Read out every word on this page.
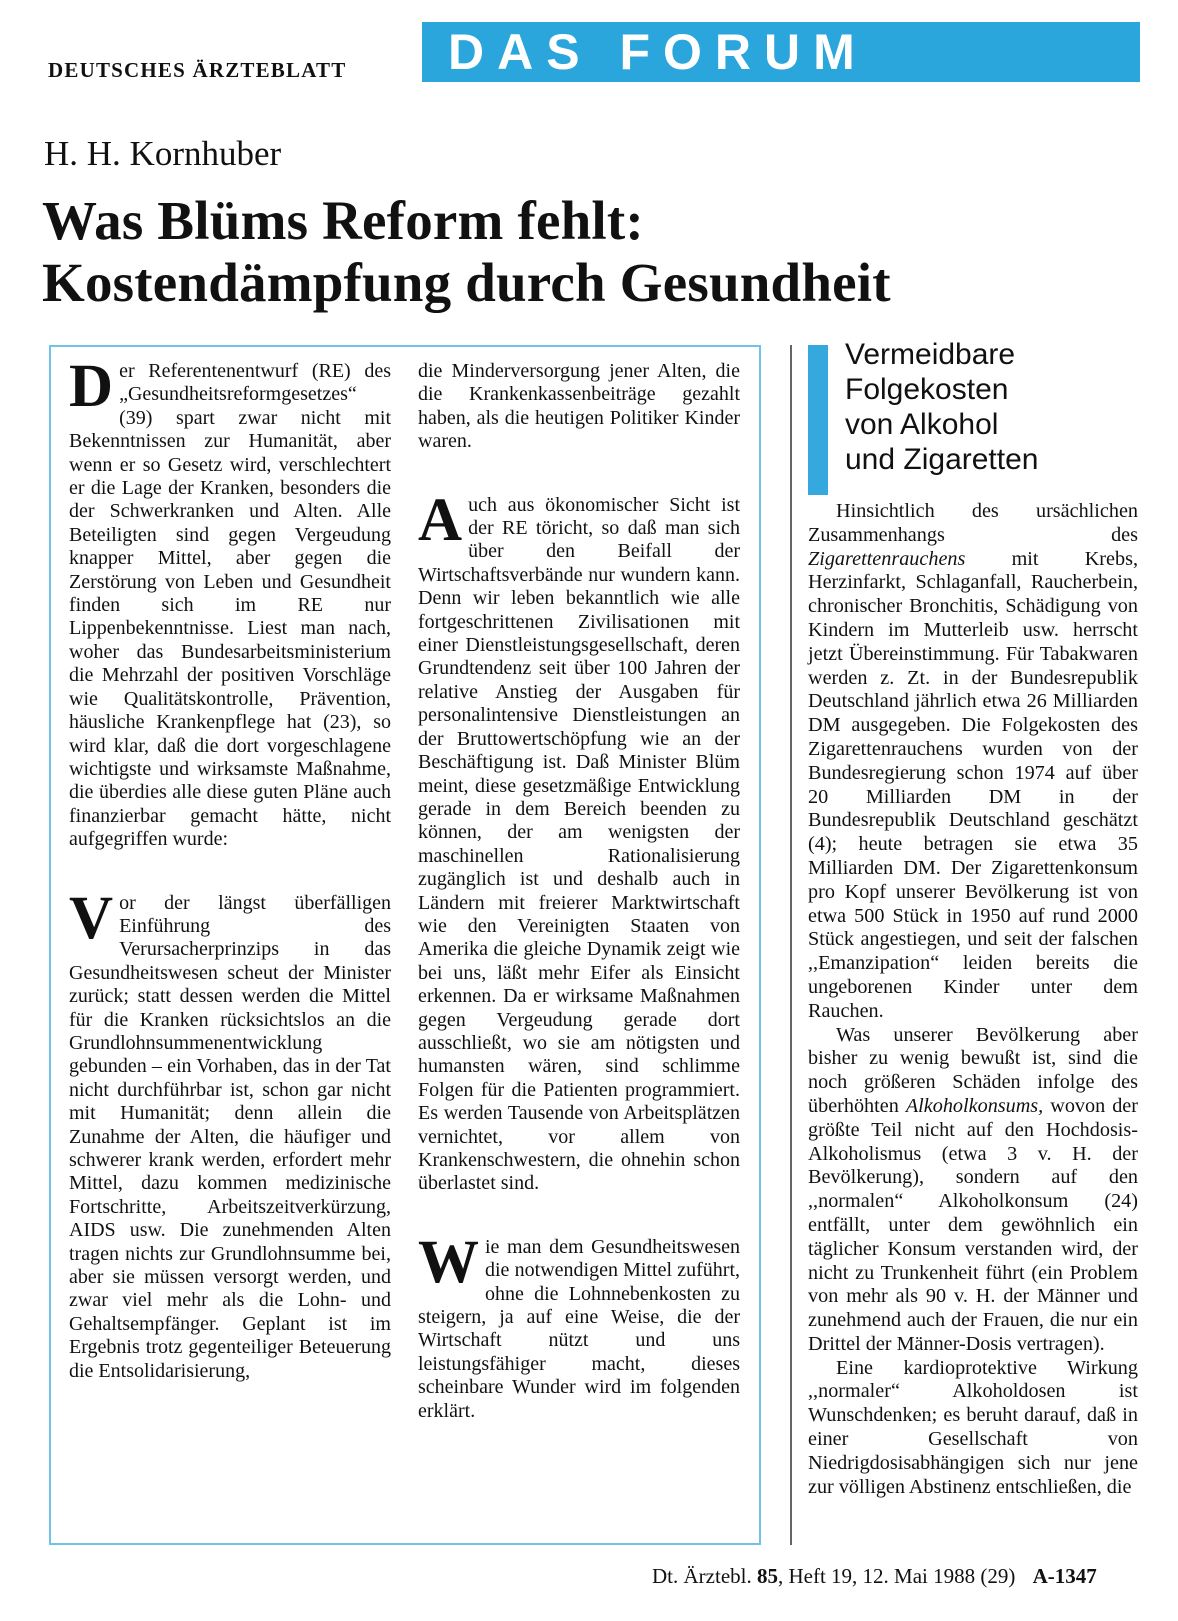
DEUTSCHES ÄRZTEBLATT DAS FORUM
H. H. Kornhuber
Was Blüms Reform fehlt:
Kostendämpfung durch Gesundheit

Der Referentenentwurf (RE) des „Gesundheitsreformgesetzes“ (39) spart zwar nicht mit Bekenntnissen zur Humanität, aber wenn er so Gesetz wird, verschlechtert er die Lage der Kranken, besonders die der Schwerkranken und Alten. Alle Beteiligten sind gegen Vergeudung knapper Mittel, aber gegen die Zerstörung von Leben und Gesundheit finden sich im RE nur Lippenbekenntnisse. Liest man nach, woher das Bundesarbeitsministerium die Mehrzahl der positiven Vorschläge wie Qualitätskontrolle, Prävention, häusliche Krankenpflege hat (23), so wird klar, daß die dort vorgeschlagene wichtigste und wirksamste Maßnahme, die überdies alle diese guten Pläne auch finanzierbar gemacht hätte, nicht aufgegriffen wurde:

Vor der längst überfälligen Einführung des Verursacherprinzips in das Gesundheitswesen scheut der Minister zurück; statt dessen werden die Mittel für die Kranken rücksichtslos an die Grundlohnsummenentwicklung gebunden – ein Vorhaben, das in der Tat nicht durchführbar ist, schon gar nicht mit Humanität; denn allein die Zunahme der Alten, die häufiger und schwerer krank werden, erfordert mehr Mittel, dazu kommen medizinische Fortschritte, Arbeitszeitverkürzung, AIDS usw. Die zunehmenden Alten tragen nichts zur Grundlohnsumme bei, aber sie müssen versorgt werden, und zwar viel mehr als die Lohn- und Gehaltsempfänger. Geplant ist im Ergebnis trotz gegenteiliger Beteuerung die Entsolidarisierung,

die Minderversorgung jener Alten, die die Krankenkassenbeiträge gezahlt haben, als die heutigen Politiker Kinder waren.

Auch aus ökonomischer Sicht ist der RE töricht, so daß man sich über den Beifall der Wirtschaftsverbände nur wundern kann. Denn wir leben bekanntlich wie alle fortgeschrittenen Zivilisationen mit einer Dienstleistungsgesellschaft, deren Grundtendenz seit über 100 Jahren der relative Anstieg der Ausgaben für personalintensive Dienstleistungen an der Bruttowertschöpfung wie an der Beschäftigung ist. Daß Minister Blüm meint, diese gesetzmäßige Entwicklung gerade in dem Bereich beenden zu können, der am wenigsten der maschinellen Rationalisierung zugänglich ist und deshalb auch in Ländern mit freierer Marktwirtschaft wie den Vereinigten Staaten von Amerika die gleiche Dynamik zeigt wie bei uns, läßt mehr Eifer als Einsicht erkennen. Da er wirksame Maßnahmen gegen Vergeudung gerade dort ausschließt, wo sie am nötigsten und humansten wären, sind schlimme Folgen für die Patienten programmiert. Es werden Tausende von Arbeitsplätzen vernichtet, vor allem von Krankenschwestern, die ohnehin schon überlastet sind.

Wie man dem Gesundheitswesen die notwendigen Mittel zuführt, ohne die Lohnnebenkosten zu steigern, ja auf eine Weise, die der Wirtschaft nützt und uns leistungsfähiger macht, dieses scheinbare Wunder wird im folgenden erklärt.

Vermeidbare
Folgekosten
von Alkohol
und Zigaretten

Hinsichtlich des ursächlichen Zusammenhangs des Zigarettenrauchens mit Krebs, Herzinfarkt, Schlaganfall, Raucherbein, chronischer Bronchitis, Schädigung von Kindern im Mutterleib usw. herrscht jetzt Übereinstimmung. Für Tabakwaren werden z. Zt. in der Bundesrepublik Deutschland jährlich etwa 26 Milliarden DM ausgegeben. Die Folgekosten des Zigarettenrauchens wurden von der Bundesregierung schon 1974 auf über 20 Milliarden DM in der Bundesrepublik Deutschland geschätzt (4); heute betragen sie etwa 35 Milliarden DM. Der Zigarettenkonsum pro Kopf unserer Bevölkerung ist von etwa 500 Stück in 1950 auf rund 2000 Stück angestiegen, und seit der falschen ,,Emanzipation“ leiden bereits die ungeborenen Kinder unter dem Rauchen.

Was unserer Bevölkerung aber bisher zu wenig bewußt ist, sind die noch größeren Schäden infolge des überhöhten Alkoholkonsums, wovon der größte Teil nicht auf den Hochdosis-Alkoholismus (etwa 3 v. H. der Bevölkerung), sondern auf den ,,normalen“ Alkoholkonsum (24) entfällt, unter dem gewöhnlich ein täglicher Konsum verstanden wird, der nicht zu Trunkenheit führt (ein Problem von mehr als 90 v. H. der Männer und zunehmend auch der Frauen, die nur ein Drittel der Männer-Dosis vertragen).

Eine kardioprotektive Wirkung ,,normaler“ Alkoholdosen ist Wunschdenken; es beruht darauf, daß in einer Gesellschaft von Niedrigdosisabhängigen sich nur jene zur völligen Abstinenz entschließen, die

Dt. Ärztebl. 85, Heft 19, 12. Mai 1988 (29) A-1347
